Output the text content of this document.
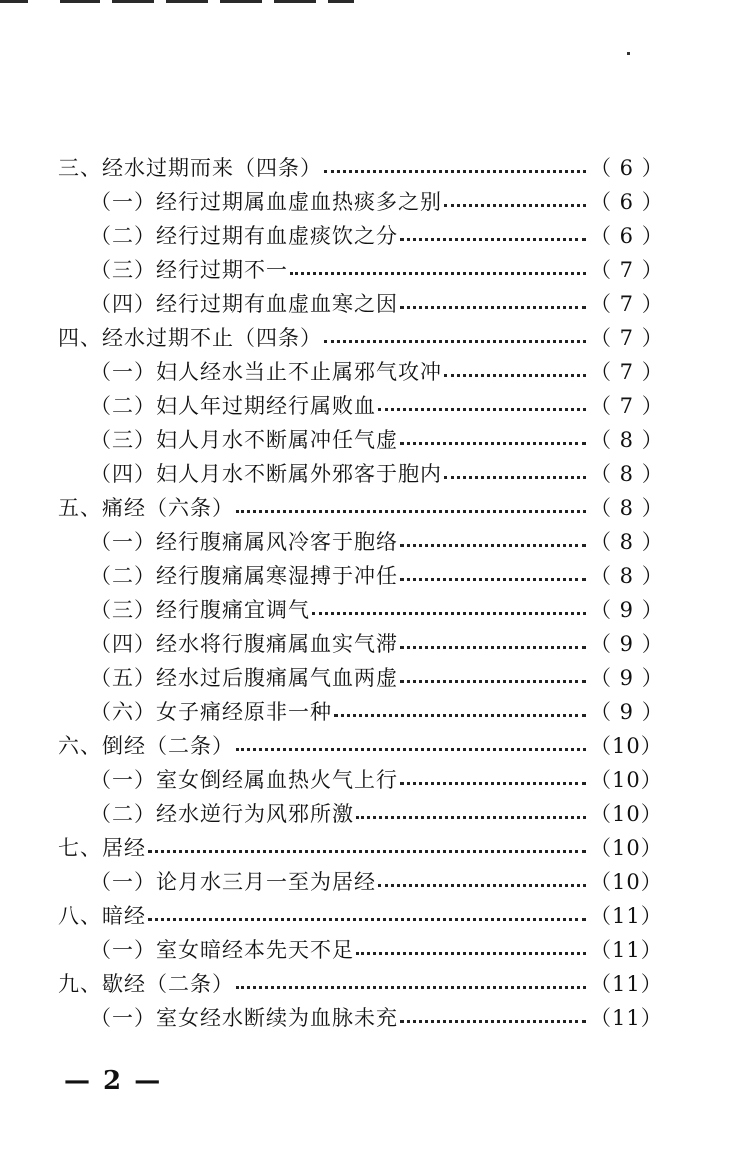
三、经水过期而来（四条）	（ 6 ）
（一）经行过期属血虚血热痰多之别	（ 6 ）
（二）经行过期有血虚痰饮之分	（ 6 ）
（三）经行过期不一	（ 7 ）
（四）经行过期有血虚血寒之因	（ 7 ）
四、经水过期不止（四条）	（ 7 ）
（一）妇人经水当止不止属邪气攻冲	（ 7 ）
（二）妇人年过期经行属败血	（ 7 ）
（三）妇人月水不断属冲任气虚	（ 8 ）
（四）妇人月水不断属外邪客于胞内	（ 8 ）
五、痛经（六条）	（ 8 ）
（一）经行腹痛属风冷客于胞络	（ 8 ）
（二）经行腹痛属寒湿搏于冲任	（ 8 ）
（三）经行腹痛宜调气	（ 9 ）
（四）经水将行腹痛属血实气滞	（ 9 ）
（五）经水过后腹痛属气血两虚	（ 9 ）
（六）女子痛经原非一种	（ 9 ）
六、倒经（二条）	（10）
（一）室女倒经属血热火气上行	（10）
（二）经水逆行为风邪所激	（10）
七、居经	（10）
（一）论月水三月一至为居经	（10）
八、暗经	（11）
（一）室女暗经本先天不足	（11）
九、歇经（二条）	（11）
（一）室女经水断续为血脉未充	（11）
— 2 —
